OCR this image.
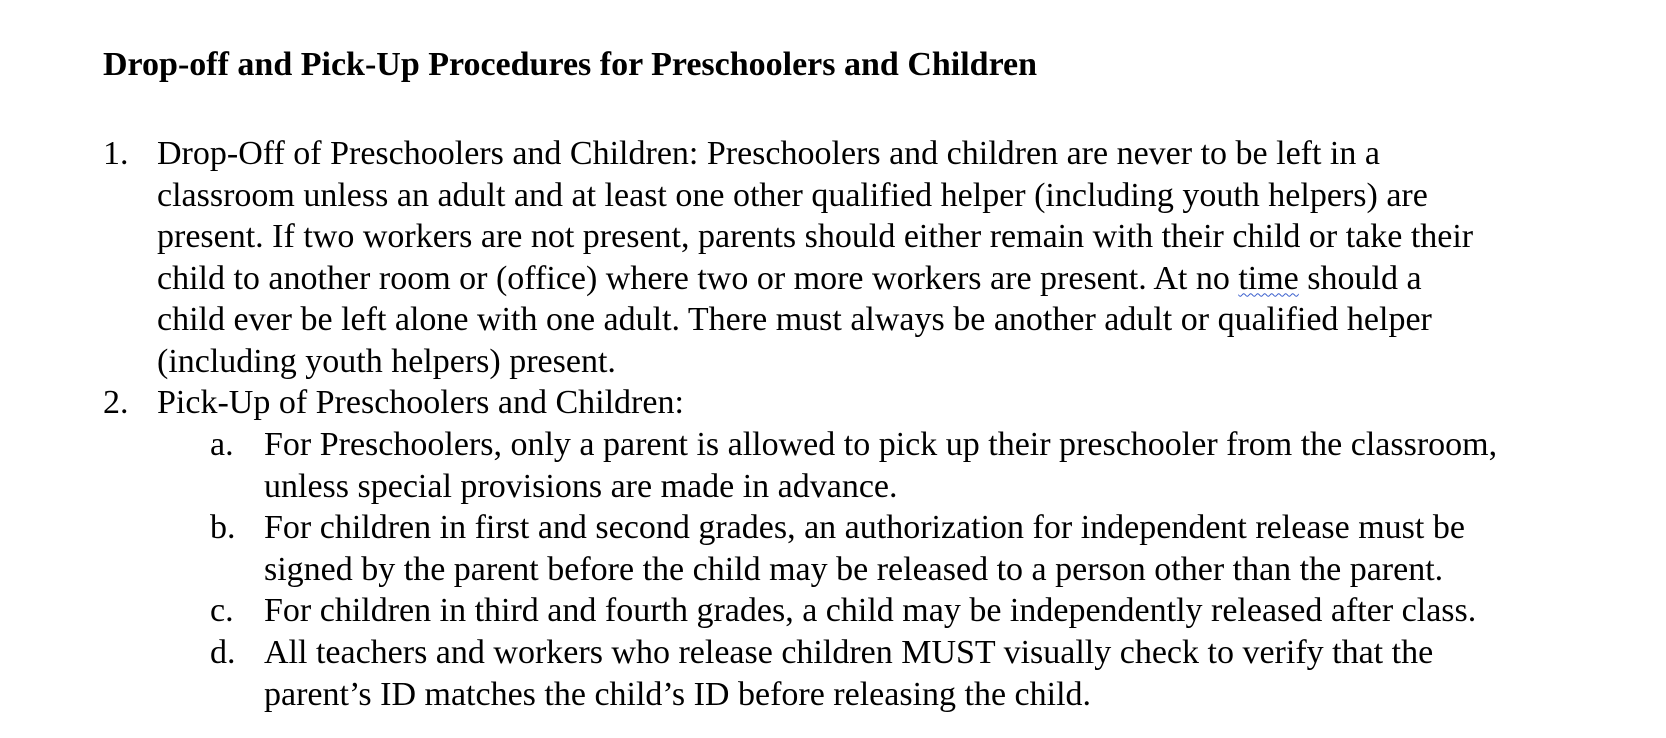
Drop-off and Pick-Up Procedures for Preschoolers and Children
1. Drop-Off of Preschoolers and Children: Preschoolers and children are never to be left in a
classroom unless an adult and at least one other qualified helper (including youth helpers) are
present. If two workers are not present, parents should either remain with their child or take their
child to another room or (office) where two or more workers are present. At no time should a
child ever be left alone with one adult. There must always be another adult or qualified helper
(including youth helpers) present.
2. Pick-Up of Preschoolers and Children:
a. For Preschoolers, only a parent is allowed to pick up their preschooler from the classroom,
unless special provisions are made in advance.
b. For children in first and second grades, an authorization for independent release must be
signed by the parent before the child may be released to a person other than the parent.
c. For children in third and fourth grades, a child may be independently released after class.
d. All teachers and workers who release children MUST visually check to verify that the
parent’s ID matches the child’s ID before releasing the child.
